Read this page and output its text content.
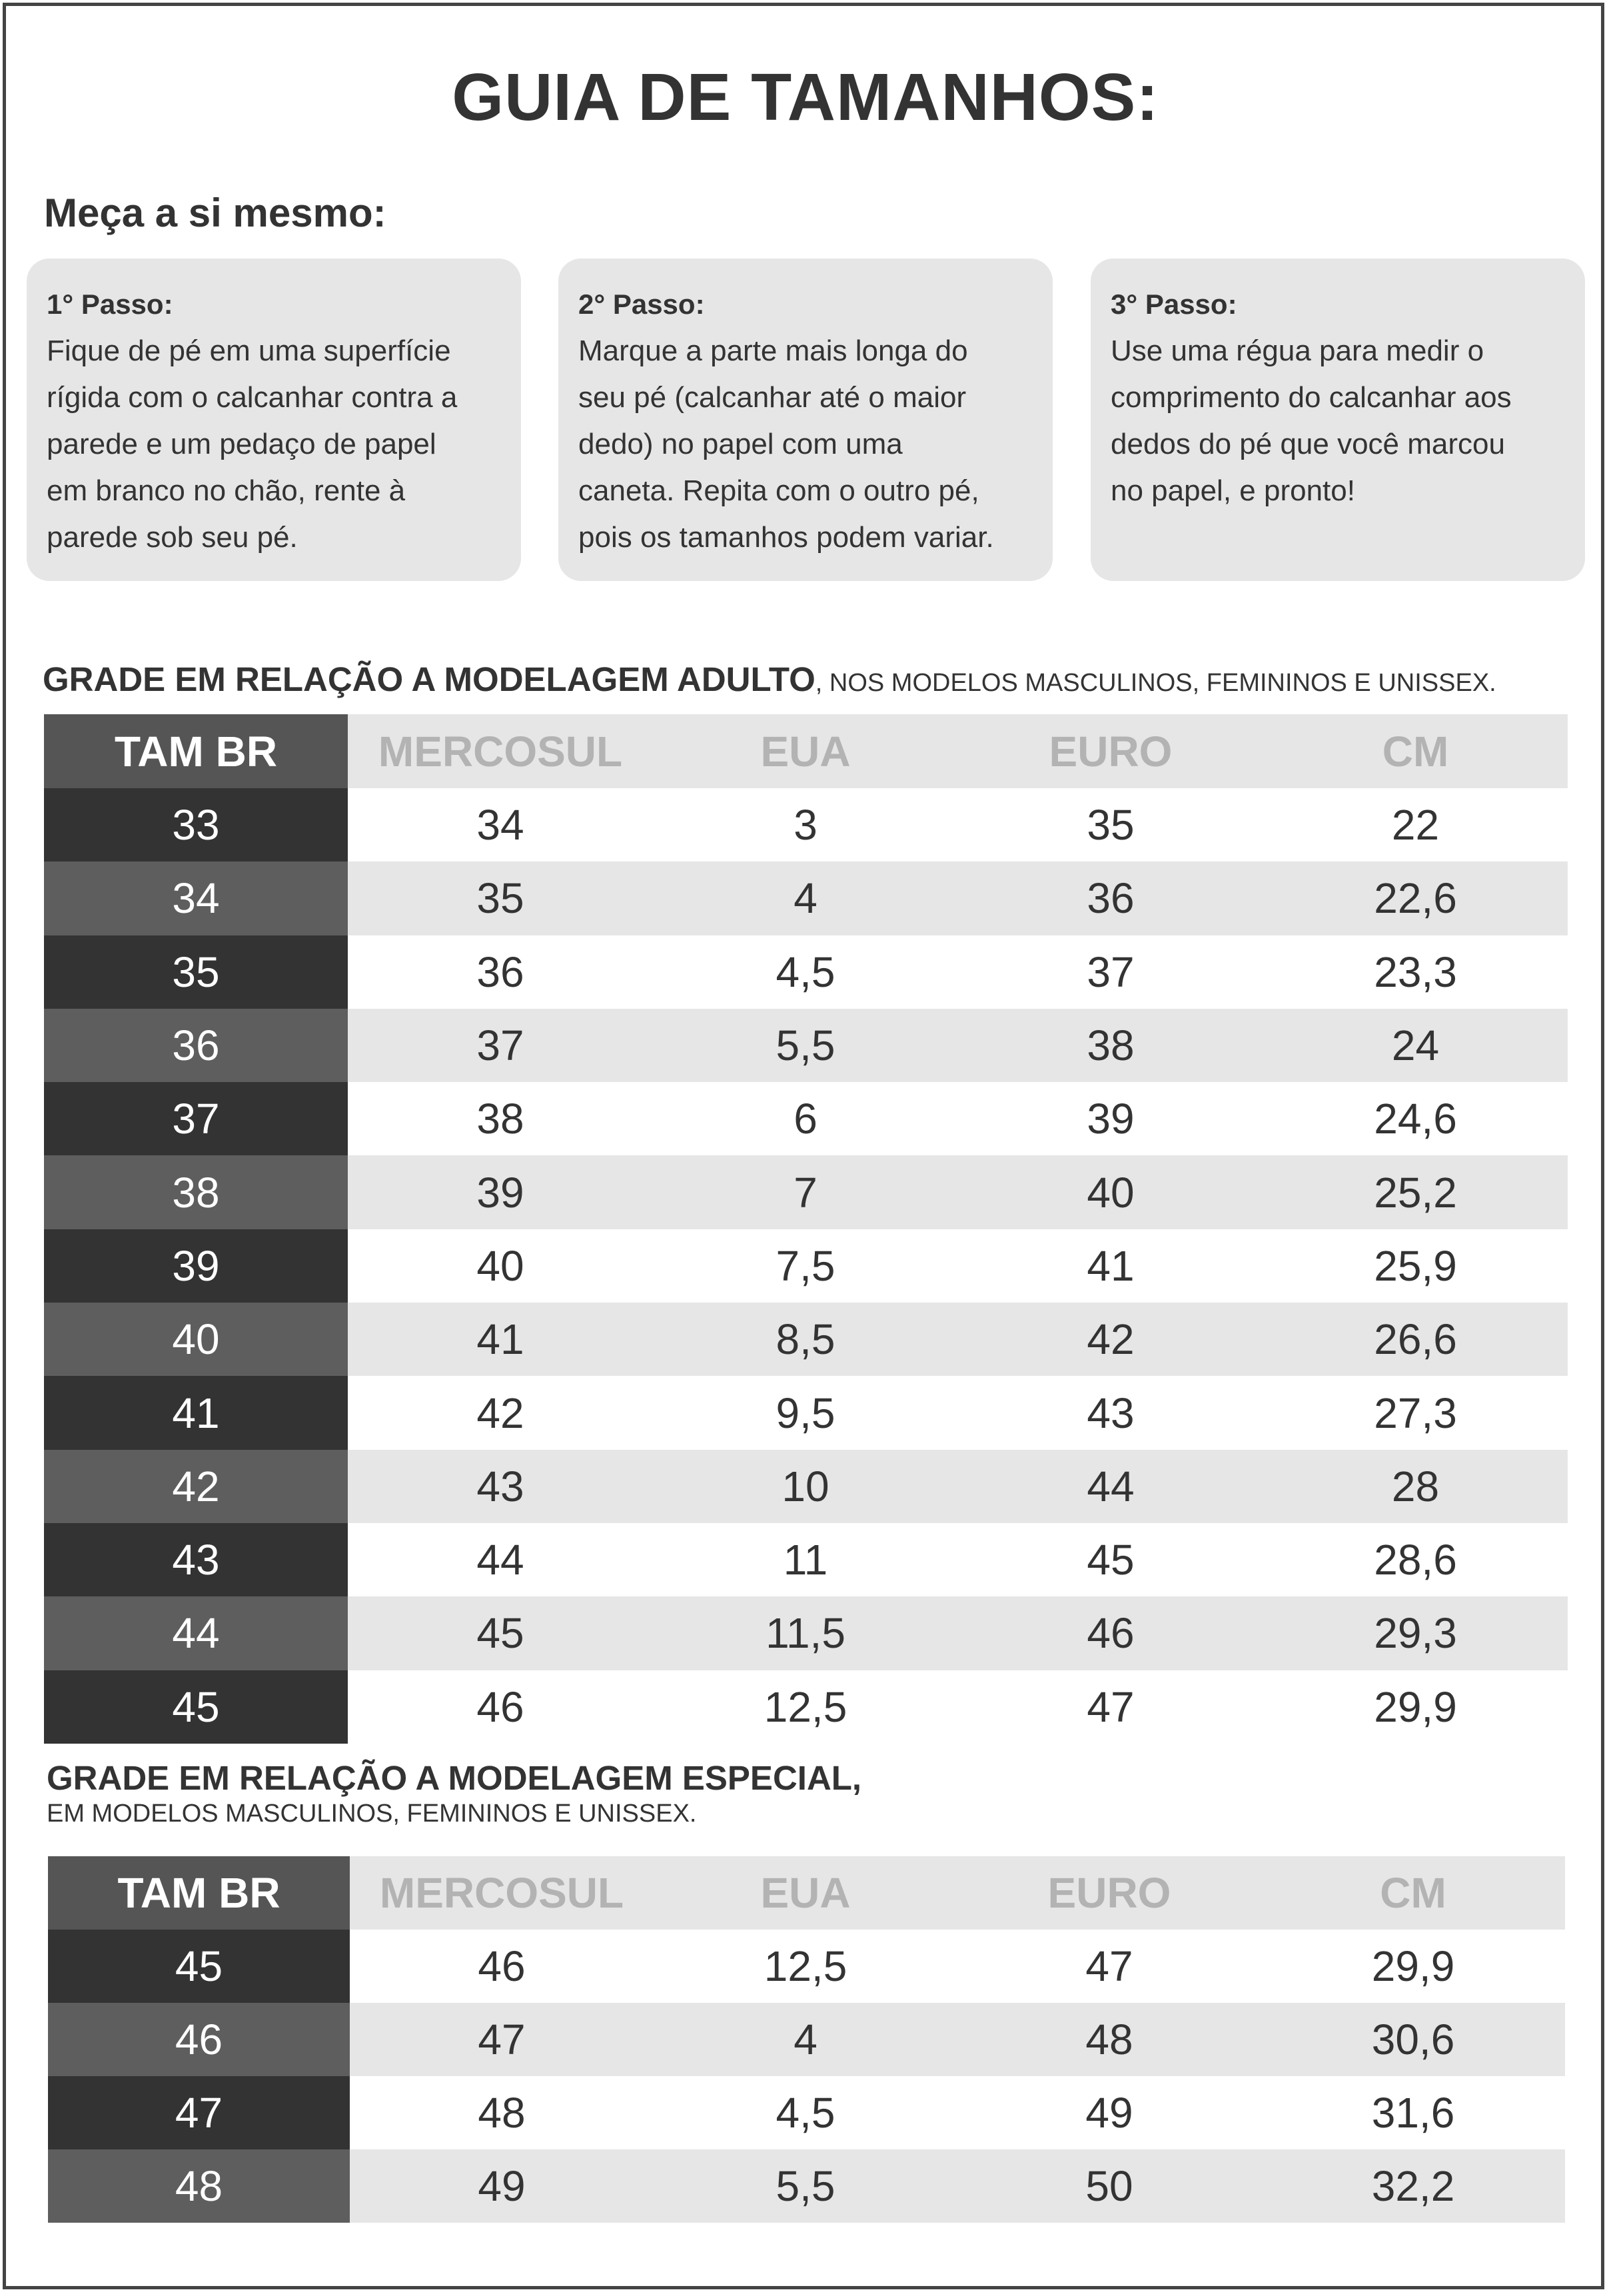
GUIA DE TAMANHOS:
Meça a si mesmo:
1° Passo:
Fique de pé em uma superfície
rígida com o calcanhar contra a
parede e um pedaço de papel
em branco no chão, rente à
parede sob seu pé.
2° Passo:
Marque a parte mais longa do
seu pé (calcanhar até o maior
dedo) no papel com uma
caneta. Repita com o outro pé,
pois os tamanhos podem variar.
3° Passo:
Use uma régua para medir o
comprimento do calcanhar aos
dedos do pé que você marcou
no papel, e pronto!

GRADE EM RELAÇÃO A MODELAGEM ADULTO, NOS MODELOS MASCULINOS, FEMININOS E UNISSEX.

TAM BR	MERCOSUL	EUA	EURO	CM
33	34	3	35	22
34	35	4	36	22,6
35	36	4,5	37	23,3
36	37	5,5	38	24
37	38	6	39	24,6
38	39	7	40	25,2
39	40	7,5	41	25,9
40	41	8,5	42	26,6
41	42	9,5	43	27,3
42	43	10	44	28
43	44	11	45	28,6
44	45	11,5	46	29,3
45	46	12,5	47	29,9

GRADE EM RELAÇÃO A MODELAGEM ESPECIAL,
EM MODELOS MASCULINOS, FEMININOS E UNISSEX.

TAM BR	MERCOSUL	EUA	EURO	CM
45	46	12,5	47	29,9
46	47	4	48	30,6
47	48	4,5	49	31,6
48	49	5,5	50	32,2
